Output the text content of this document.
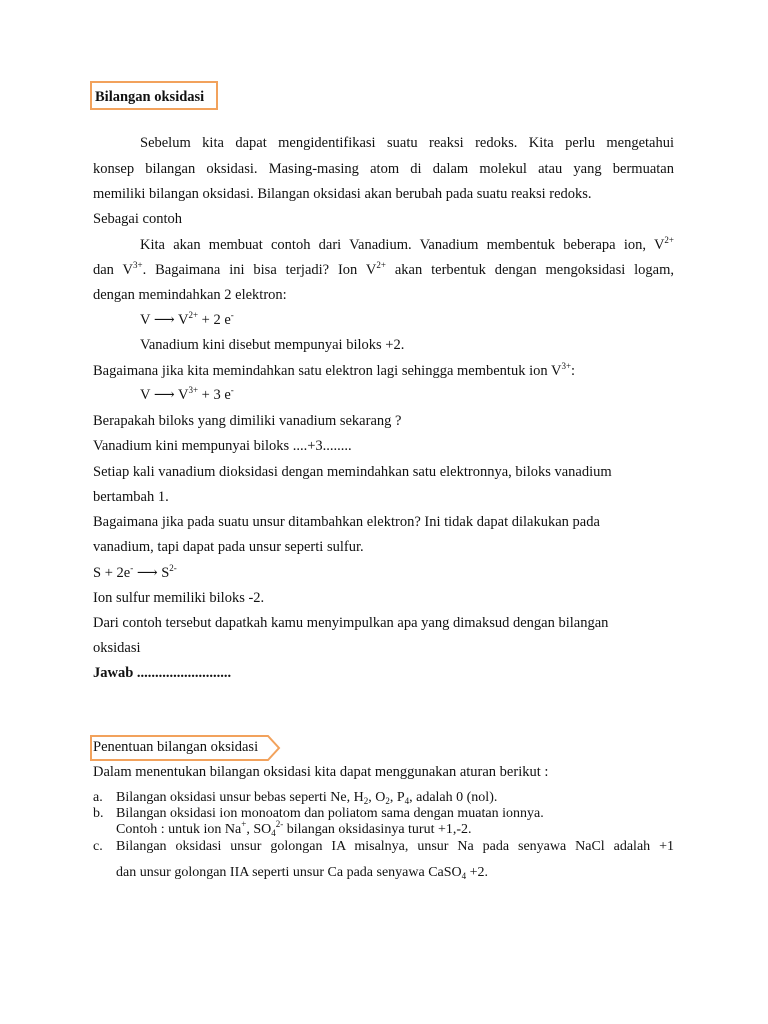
Bilangan oksidasi
Sebelum kita dapat mengidentifikasi suatu reaksi redoks. Kita perlu mengetahui
konsep bilangan oksidasi. Masing-masing atom di dalam molekul atau yang bermuatan
memiliki bilangan oksidasi. Bilangan oksidasi akan berubah pada suatu reaksi redoks.
Sebagai contoh
Kita akan membuat contoh dari Vanadium. Vanadium membentuk beberapa ion, $V^{2+}$
dan $V^{3+}$. Bagaimana ini bisa terjadi? Ion $V^{2+}$ akan terbentuk dengan mengoksidasi logam,
dengan memindahkan 2 elektron:
V ⟶ $V^{2+} + 2$ e-
Vanadium kini disebut mempunyai biloks +2.
Bagaimana jika kita memindahkan satu elektron lagi sehingga membentuk ion $V^{3+}$:
V ⟶ $V^{3+} + 3$ e-
Berapakah biloks yang dimiliki vanadium sekarang ?
Vanadium kini mempunyai biloks ....+3........
Setiap kali vanadium dioksidasi dengan memindahkan satu elektronnya, biloks vanadium
bertambah 1.
Bagaimana jika pada suatu unsur ditambahkan elektron? Ini tidak dapat dilakukan pada
vanadium, tapi dapat pada unsur seperti sulfur.
S + 2e- ⟶ $S^{2-}$
Ion sulfur memiliki biloks -2.
Dari contoh tersebut dapatkah kamu menyimpulkan apa yang dimaksud dengan bilangan
oksidasi
Jawab ..........................
Penentuan bilangan oksidasi
Dalam menentukan bilangan oksidasi kita dapat menggunakan aturan berikut :
a. Bilangan oksidasi unsur bebas seperti Ne, $H_2$, $O_2$, $P_4$, adalah 0 (nol).
b. Bilangan oksidasi ion monoatom dan poliatom sama dengan muatan ionnya.
Contoh : untuk ion Na+, $SO_4^{2-}$ bilangan oksidasinya turut +1,-2.
c. Bilangan oksidasi unsur golongan IA misalnya, unsur Na pada senyawa NaCl adalah +1
dan unsur golongan IIA seperti unsur Ca pada senyawa CaSO$_4$ +2.
